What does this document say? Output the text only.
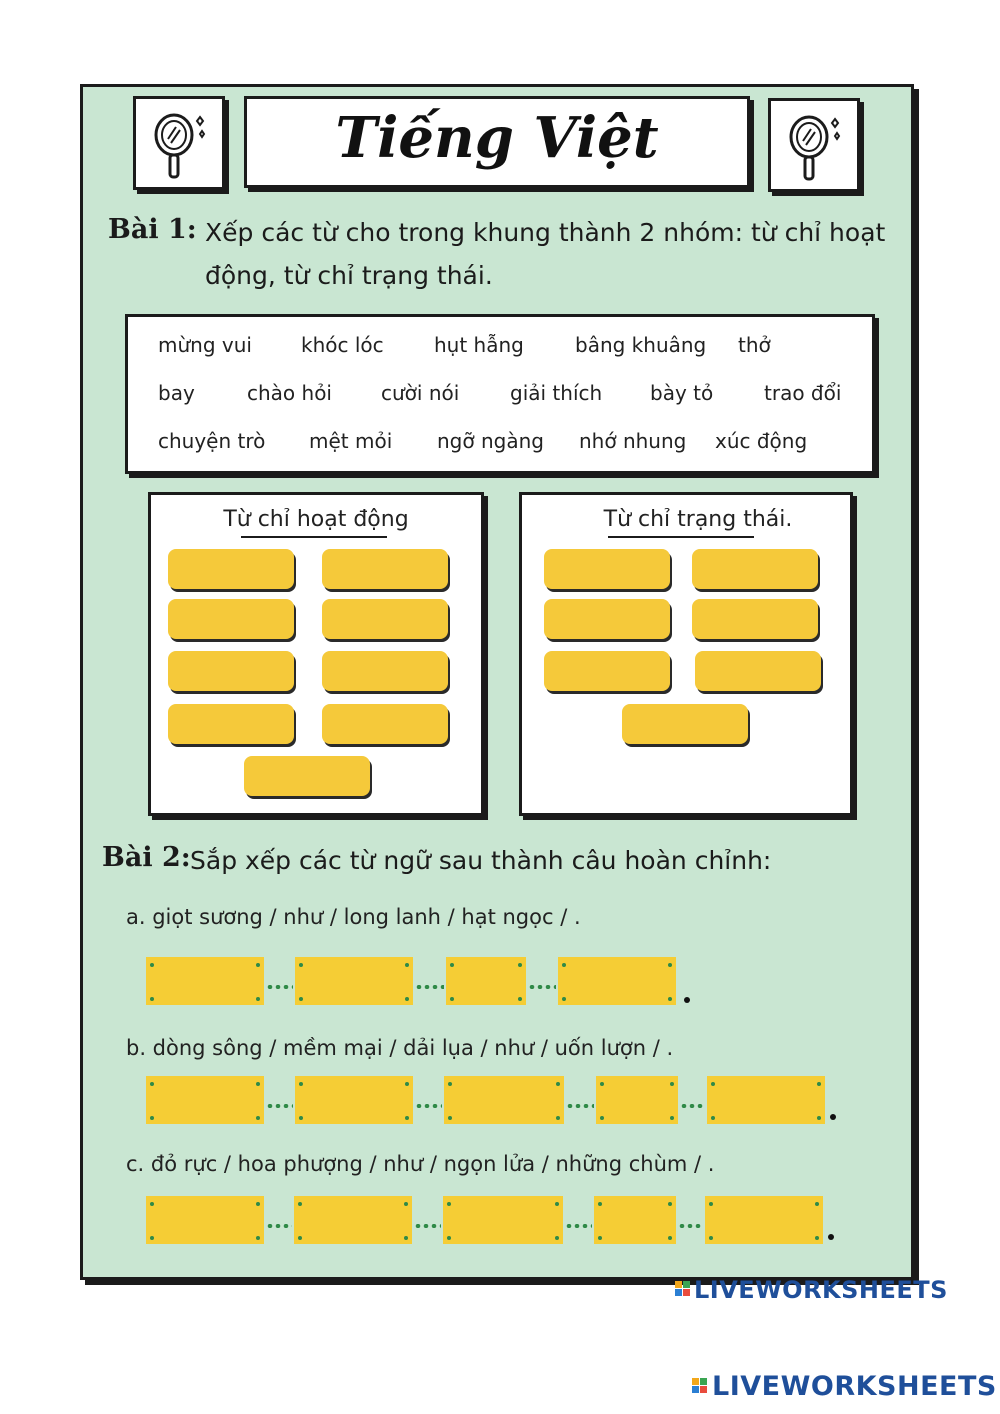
Tiếng Việt
Bài 1: Xếp các từ cho trong khung thành 2 nhóm: từ chỉ hoạt
động, từ chỉ trạng thái.
mừng vui khóc lóc	hụt hẫng	bâng khuâng thở
bay	chào hỏi cười nói	giải thích bày tỏ	trao đổi
chuyện trò mệt mỏi ngỡ ngàng nhớ nhung xúc động
Từ chỉ hoạt động	Từ chỉ trạng thái.
Bài 2: Sắp xếp các từ ngữ sau thành câu hoàn chỉnh:
a. giọt sương / như / long lanh / hạt ngọc / .
b. dòng sông / mềm mại / dải lụa / như / uốn lượn / .
c. đỏ rực / hoa phượng / như / ngọn lửa / những chùm / .
LIVEWORKSHEETS
LIVEWORKSHEETS
